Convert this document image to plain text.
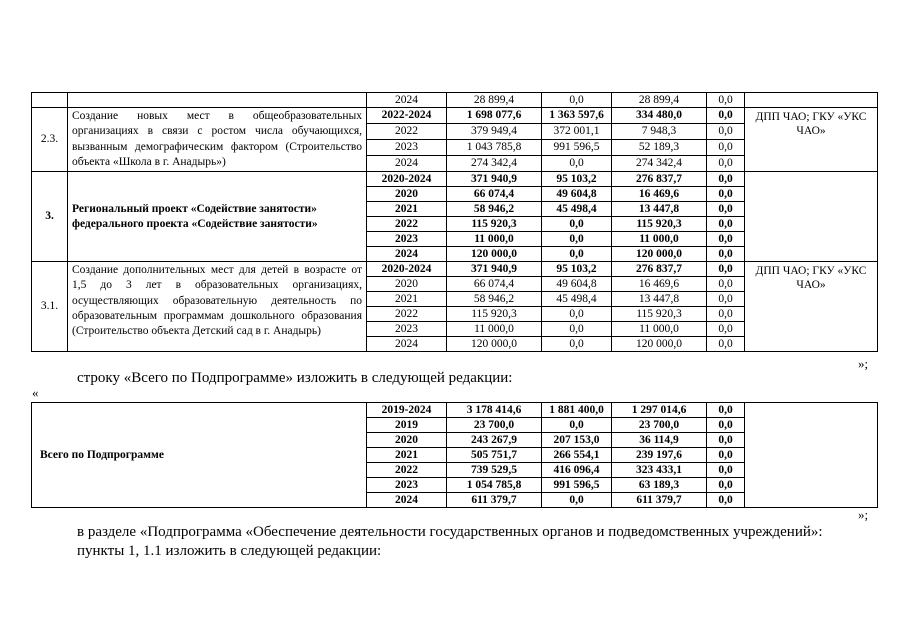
		2024	28 899,4	0,0	28 899,4	0,0	
2.3.	Создание новых мест в общеобразовательных организациях в связи с ростом числа обучающихся, вызванным демографическим фактором (Строительство объекта «Школа в г. Анадырь»)	2022-2024	1 698 077,6	1 363 597,6	334 480,0	0,0	ДПП ЧАО; ГКУ «УКС ЧАО»
		2022	379 949,4	372 001,1	7 948,3	0,0	
		2023	1 043 785,8	991 596,5	52 189,3	0,0	
		2024	274 342,4	0,0	274 342,4	0,0	
3.	Региональный проект «Содействие занятости» федерального проекта «Содействие занятости»	2020-2024	371 940,9	95 103,2	276 837,7	0,0	
		2020	66 074,4	49 604,8	16 469,6	0,0	
		2021	58 946,2	45 498,4	13 447,8	0,0	
		2022	115 920,3	0,0	115 920,3	0,0	
		2023	11 000,0	0,0	11 000,0	0,0	
		2024	120 000,0	0,0	120 000,0	0,0	
3.1.	Создание дополнительных мест для детей в возрасте от 1,5 до 3 лет в образовательных организациях, осуществляющих образовательную деятельность по образовательным программам дошкольного образования (Строительство объекта Детский сад в г. Анадырь)	2020-2024	371 940,9	95 103,2	276 837,7	0,0	ДПП ЧАО; ГКУ «УКС ЧАО»
		2020	66 074,4	49 604,8	16 469,6	0,0	
		2021	58 946,2	45 498,4	13 447,8	0,0	
		2022	115 920,3	0,0	115 920,3	0,0	
		2023	11 000,0	0,0	11 000,0	0,0	
		2024	120 000,0	0,0	120 000,0	0,0	
»;
строку «Всего по Подпрограмме» изложить в следующей редакции:
«
Всего по Подпрограмме	2019-2024	3 178 414,6	1 881 400,0	1 297 014,6	0,0	
	2019	23 700,0	0,0	23 700,0	0,0	
	2020	243 267,9	207 153,0	36 114,9	0,0	
	2021	505 751,7	266 554,1	239 197,6	0,0	
	2022	739 529,5	416 096,4	323 433,1	0,0	
	2023	1 054 785,8	991 596,5	63 189,3	0,0	
	2024	611 379,7	0,0	611 379,7	0,0	
»;
в разделе «Подпрограмма «Обеспечение деятельности государственных органов и подведомственных учреждений»:
пункты 1, 1.1 изложить в следующей редакции:
